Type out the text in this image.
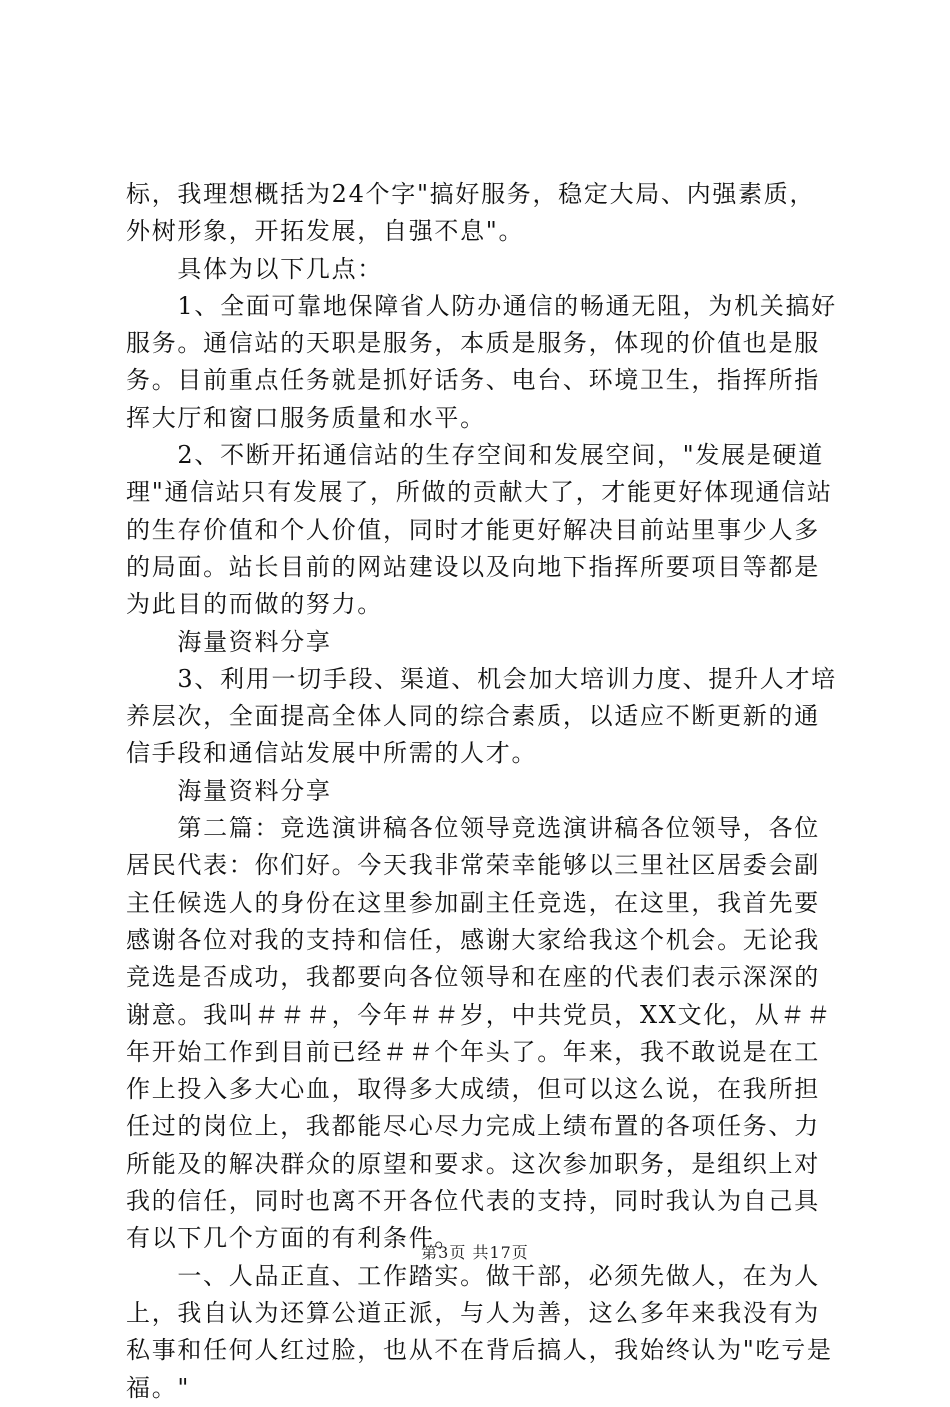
标，我理想概括为24个字"搞好服务，稳定大局、内强素质，
外树形象，开拓发展，自强不息"。
　　具体为以下几点：
　　1、全面可靠地保障省人防办通信的畅通无阻，为机关搞好
服务。通信站的天职是服务，本质是服务，体现的价值也是服
务。目前重点任务就是抓好话务、电台、环境卫生，指挥所指
挥大厅和窗口服务质量和水平。
　　2、不断开拓通信站的生存空间和发展空间，"发展是硬道
理"通信站只有发展了，所做的贡献大了，才能更好体现通信站
的生存价值和个人价值，同时才能更好解决目前站里事少人多
的局面。站长目前的网站建设以及向地下指挥所要项目等都是
为此目的而做的努力。
　　海量资料分享
　　3、利用一切手段、渠道、机会加大培训力度、提升人才培
养层次，全面提高全体人同的综合素质，以适应不断更新的通
信手段和通信站发展中所需的人才。
　　海量资料分享
　　第二篇：竞选演讲稿各位领导竞选演讲稿各位领导，各位
居民代表：你们好。今天我非常荣幸能够以三里社区居委会副
主任候选人的身份在这里参加副主任竞选，在这里，我首先要
感谢各位对我的支持和信任，感谢大家给我这个机会。无论我
竞选是否成功，我都要向各位领导和在座的代表们表示深深的
谢意。我叫＃＃＃，今年＃＃岁，中共党员，XX文化，从＃＃
年开始工作到目前已经＃＃个年头了。年来，我不敢说是在工
作上投入多大心血，取得多大成绩，但可以这么说，在我所担
任过的岗位上，我都能尽心尽力完成上绩布置的各项任务、力
所能及的解决群众的原望和要求。这次参加职务，是组织上对
我的信任，同时也离不开各位代表的支持，同时我认为自己具
有以下几个方面的有利条件。
　　一、人品正直、工作踏实。做干部，必须先做人，在为人
上，我自认为还算公道正派，与人为善，这么多年来我没有为
私事和任何人红过脸，也从不在背后搞人，我始终认为"吃亏是
福。"
第3页 共17页
